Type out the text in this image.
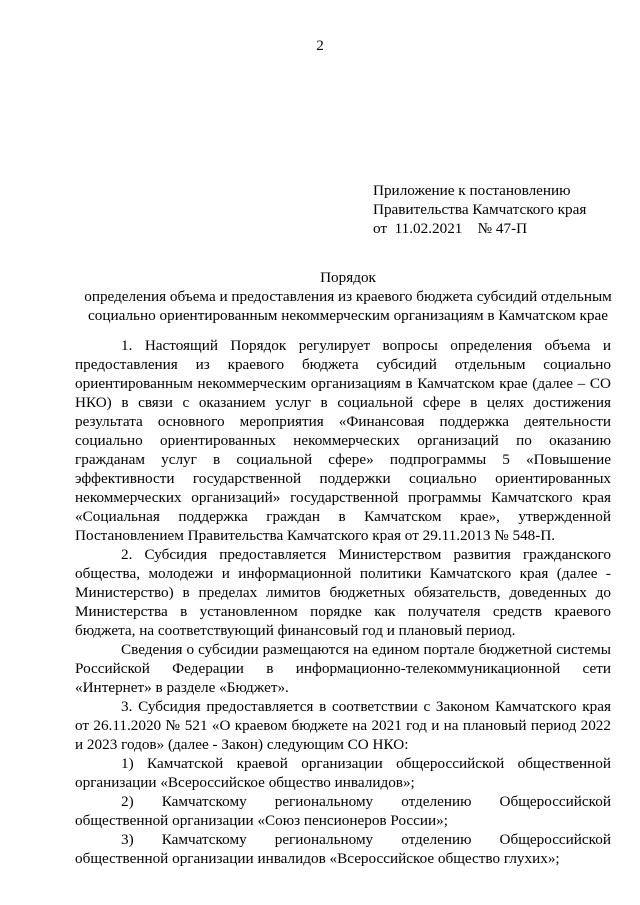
2
Приложение к постановлению
Правительства Камчатского края
от  11.02.2021    № 47-П
Порядок
определения объема и предоставления из краевого бюджета субсидий отдельным
социально ориентированным некоммерческим организациям в Камчатском крае

1. Настоящий Порядок регулирует вопросы определения объема и предоставления из краевого бюджета субсидий отдельным социально ориентированным некоммерческим организациям в Камчатском крае (далее – СО НКО) в связи с оказанием услуг в социальной сфере в целях достижения результата основного мероприятия «Финансовая поддержка деятельности социально ориентированных некоммерческих организаций по оказанию гражданам услуг в социальной сфере» подпрограммы 5 «Повышение эффективности государственной поддержки социально ориентированных некоммерческих организаций» государственной программы Камчатского края «Социальная поддержка граждан в Камчатском крае», утвержденной Постановлением Правительства Камчатского края от 29.11.2013 № 548-П.

2. Субсидия предоставляется Министерством развития гражданского общества, молодежи и информационной политики Камчатского края (далее - Министерство) в пределах лимитов бюджетных обязательств, доведенных до Министерства в установленном порядке как получателя средств краевого бюджета, на соответствующий финансовый год и плановый период.

Сведения о субсидии размещаются на едином портале бюджетной системы Российской Федерации в информационно-телекоммуникационной сети «Интернет» в разделе «Бюджет».

3. Субсидия предоставляется в соответствии с Законом Камчатского края от 26.11.2020 № 521 «О краевом бюджете на 2021 год и на плановый период 2022 и 2023 годов» (далее - Закон) следующим СО НКО:

1) Камчатской краевой организации общероссийской общественной организации «Всероссийское общество инвалидов»;

2) Камчатскому региональному отделению Общероссийской общественной организации «Союз пенсионеров России»;

3) Камчатскому региональному отделению Общероссийской общественной организации инвалидов «Всероссийское общество глухих»;
